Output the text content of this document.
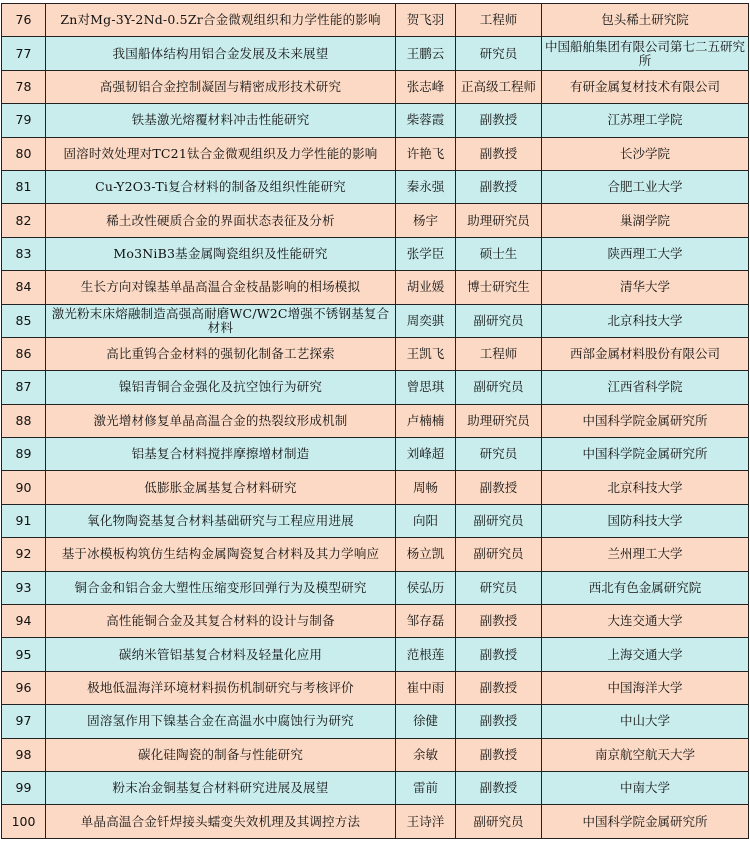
76	Zn对Mg-3Y-2Nd-0.5Zr合金微观组织和力学性能的影响	贺飞羽	工程师	包头稀土研究院
77	我国船体结构用铝合金发展及未来展望	王鹏云	研究员	中国船舶集团有限公司第七二五研究所
78	高强韧铝合金控制凝固与精密成形技术研究	张志峰	正高级工程师	有研金属复材技术有限公司
79	铁基激光熔覆材料冲击性能研究	柴蓉霞	副教授	江苏理工学院
80	固溶时效处理对TC21钛合金微观组织及力学性能的影响	许艳飞	副教授	长沙学院
81	Cu-Y2O3-Ti复合材料的制备及组织性能研究	秦永强	副教授	合肥工业大学
82	稀土改性硬质合金的界面状态表征及分析	杨宇	助理研究员	巢湖学院
83	Mo3NiB3基金属陶瓷组织及性能研究	张学臣	硕士生	陕西理工大学
84	生长方向对镍基单晶高温合金枝晶影响的相场模拟	胡业媛	博士研究生	清华大学
85	激光粉末床熔融制造高强高耐磨WC/W2C增强不锈钢基复合材料	周奕骐	副研究员	北京科技大学
86	高比重钨合金材料的强韧化制备工艺探索	王凯飞	工程师	西部金属材料股份有限公司
87	镍铝青铜合金强化及抗空蚀行为研究	曾思琪	副研究员	江西省科学院
88	激光增材修复单晶高温合金的热裂纹形成机制	卢楠楠	助理研究员	中国科学院金属研究所
89	铝基复合材料搅拌摩擦增材制造	刘峰超	研究员	中国科学院金属研究所
90	低膨胀金属基复合材料研究	周畅	副教授	北京科技大学
91	氧化物陶瓷基复合材料基础研究与工程应用进展	向阳	副研究员	国防科技大学
92	基于冰模板构筑仿生结构金属陶瓷复合材料及其力学响应	杨立凯	副研究员	兰州理工大学
93	铜合金和铝合金大塑性压缩变形回弹行为及模型研究	侯弘历	研究员	西北有色金属研究院
94	高性能铜合金及其复合材料的设计与制备	邹存磊	副教授	大连交通大学
95	碳纳米管铝基复合材料及轻量化应用	范根莲	副教授	上海交通大学
96	极地低温海洋环境材料损伤机制研究与考核评价	崔中雨	副教授	中国海洋大学
97	固溶氢作用下镍基合金在高温水中腐蚀行为研究	徐健	副教授	中山大学
98	碳化硅陶瓷的制备与性能研究	余敏	副教授	南京航空航天大学
99	粉末冶金铜基复合材料研究进展及展望	雷前	副教授	中南大学
100	单晶高温合金钎焊接头蠕变失效机理及其调控方法	王诗洋	副研究员	中国科学院金属研究所
